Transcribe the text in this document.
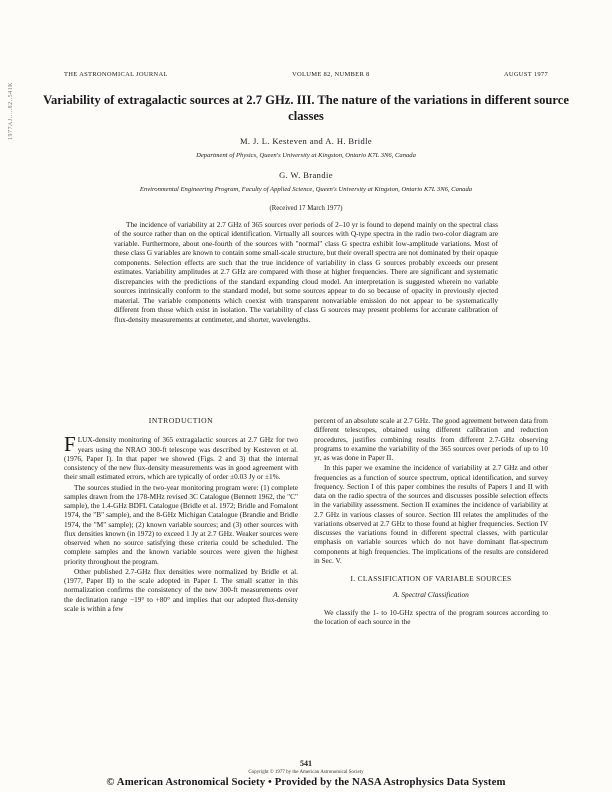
1977AJ.....82..541K
THE ASTRONOMICAL JOURNAL	VOLUME 82, NUMBER 8	AUGUST 1977
Variability of extragalactic sources at 2.7 GHz. III. The nature of the variations in different source classes
M. J. L. Kesteven and A. H. Bridle
Department of Physics, Queen's University at Kingston, Ontario K7L 3N6, Canada
G. W. Brandie
Environmental Engineering Program, Faculty of Applied Science, Queen's University at Kingston, Ontario K7L 3N6, Canada
(Received 17 March 1977)
The incidence of variability at 2.7 GHz of 365 sources over periods of 2–10 yr is found to depend mainly on the spectral class of the source rather than on the optical identification. Virtually all sources with Q-type spectra in the radio two-color diagram are variable. Furthermore, about one-fourth of the sources with "normal" class G spectra exhibit low-amplitude variations. Most of these class G variables are known to contain some small-scale structure, but their overall spectra are not dominated by their opaque components. Selection effects are such that the true incidence of variability in class G sources probably exceeds our present estimates. Variability amplitudes at 2.7 GHz are compared with those at higher frequencies. There are significant and systematic discrepancies with the predictions of the standard expanding cloud model. An interpretation is suggested wherein no variable sources intrinsically conform to the standard model, but some sources appear to do so because of opacity in previously ejected material. The variable components which coexist with transparent nonvariable emission do not appear to be systematically different from those which exist in isolation. The variability of class G sources may present problems for accurate calibration of flux-density measurements at centimeter, and shorter, wavelengths.
INTRODUCTION

FLUX-density monitoring of 365 extragalactic sources at 2.7 GHz for two years using the NRAO 300-ft telescope was described by Kesteven et al. (1976, Paper I). In that paper we showed (Figs. 2 and 3) that the internal consistency of the new flux-density measurements was in good agreement with their small estimated errors, which are typically of order ±0.03 Jy or ±1%.

The sources studied in the two-year monitoring program were: (1) complete samples drawn from the 178-MHz revised 3C Catalogue (Bennett 1962, the "C" sample), the 1.4-GHz BDFL Catalogue (Bridle et al. 1972; Bridle and Fomalont 1974, the "B" sample), and the 8-GHz Michigan Catalogue (Brandie and Bridle 1974, the "M" sample); (2) known variable sources; and (3) other sources with flux densities known (in 1972) to exceed 1 Jy at 2.7 GHz. Weaker sources were observed when no source satisfying these criteria could be scheduled. The complete samples and the known variable sources were given the highest priority throughout the program.

Other published 2.7-GHz flux densities were normalized by Bridle et al. (1977, Paper II) to the scale adopted in Paper I. The small scatter in this normalization confirms the consistency of the new 300-ft measurements over the declination range −19° to +80° and implies that our adopted flux-density scale is within a few

percent of an absolute scale at 2.7 GHz. The good agreement between data from different telescopes, obtained using different calibration and reduction procedures, justifies combining results from different 2.7-GHz observing programs to examine the variability of the 365 sources over periods of up to 10 yr, as was done in Paper II.

In this paper we examine the incidence of variability at 2.7 GHz and other frequencies as a function of source spectrum, optical identification, and survey frequency. Section I of this paper combines the results of Papers I and II with data on the radio spectra of the sources and discusses possible selection effects in the variability assessment. Section II examines the incidence of variability at 2.7 GHz in various classes of source. Section III relates the amplitudes of the variations observed at 2.7 GHz to those found at higher frequencies. Section IV discusses the variations found in different spectral classes, with particular emphasis on variable sources which do not have dominant flat-spectrum components at high frequencies. The implications of the results are considered in Sec. V.

I. CLASSIFICATION OF VARIABLE SOURCES
A. Spectral Classification

We classify the 1- to 10-GHz spectra of the program sources according to the location of each source in the

541
Copyright © 1977 by the American Astronomical Society
© American Astronomical Society • Provided by the NASA Astrophysics Data System
